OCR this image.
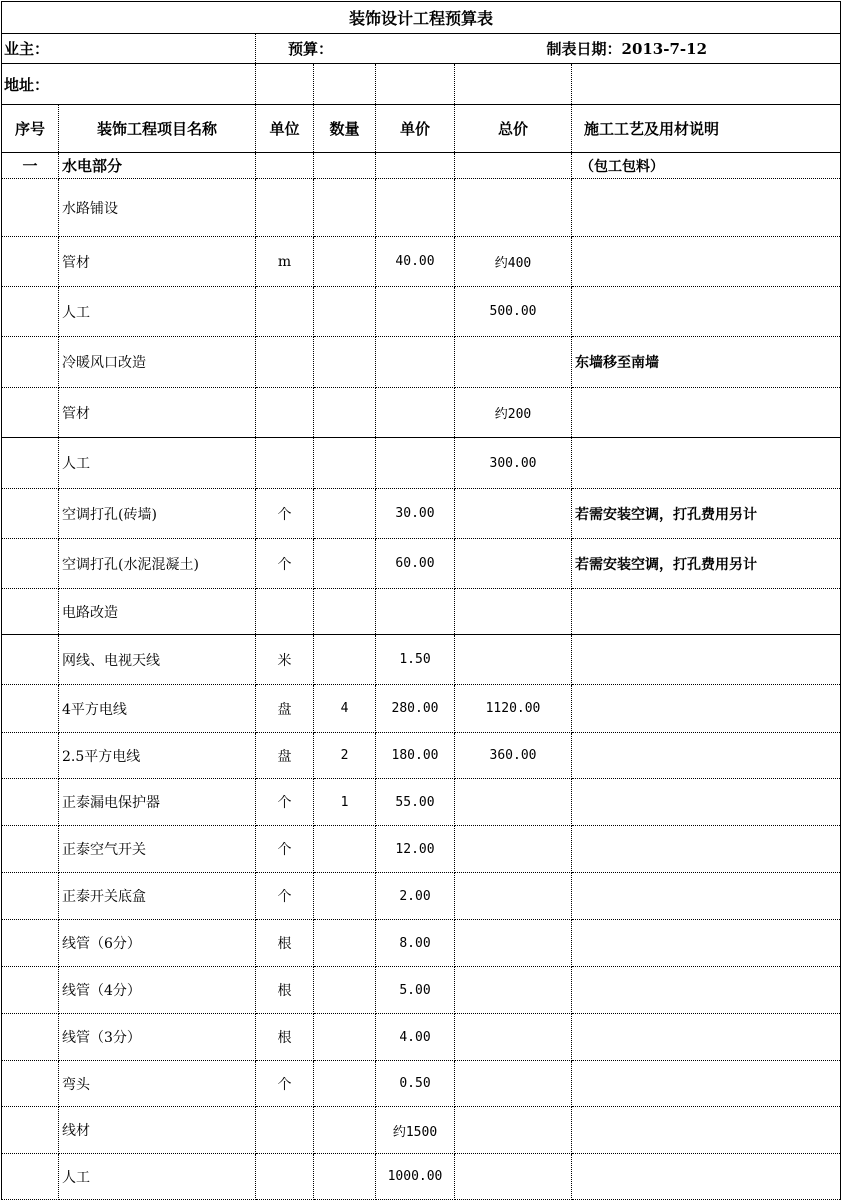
装饰设计工程预算表						
业主：		预算：			制表日期：2013-7-12	
地址：						
序号	装饰工程项目名称	单位	数量	单价	总价	施工工艺及用材说明
一	水电部分					（包工包料）
	水路铺设					
	管材	m		40.00	约400	
	人工				500.00	
	冷暖风口改造					东墙移至南墙
	管材				约200	
	人工				300.00	
	空调打孔(砖墙)	个		30.00		若需安装空调，打孔费用另计
	空调打孔(水泥混凝土)	个		60.00		若需安装空调，打孔费用另计
	电路改造					
	网线、电视天线	米		1.50		
	4平方电线	盘	4	280.00	1120.00	
	2.5平方电线	盘	2	180.00	360.00	
	正泰漏电保护器	个	1	55.00		
	正泰空气开关	个		12.00		
	正泰开关底盒	个		2.00		
	线管（6分）	根		8.00		
	线管（4分）	根		5.00		
	线管（3分）	根		4.00		
	弯头	个		0.50		
	线材			约1500		
	人工			1000.00		
